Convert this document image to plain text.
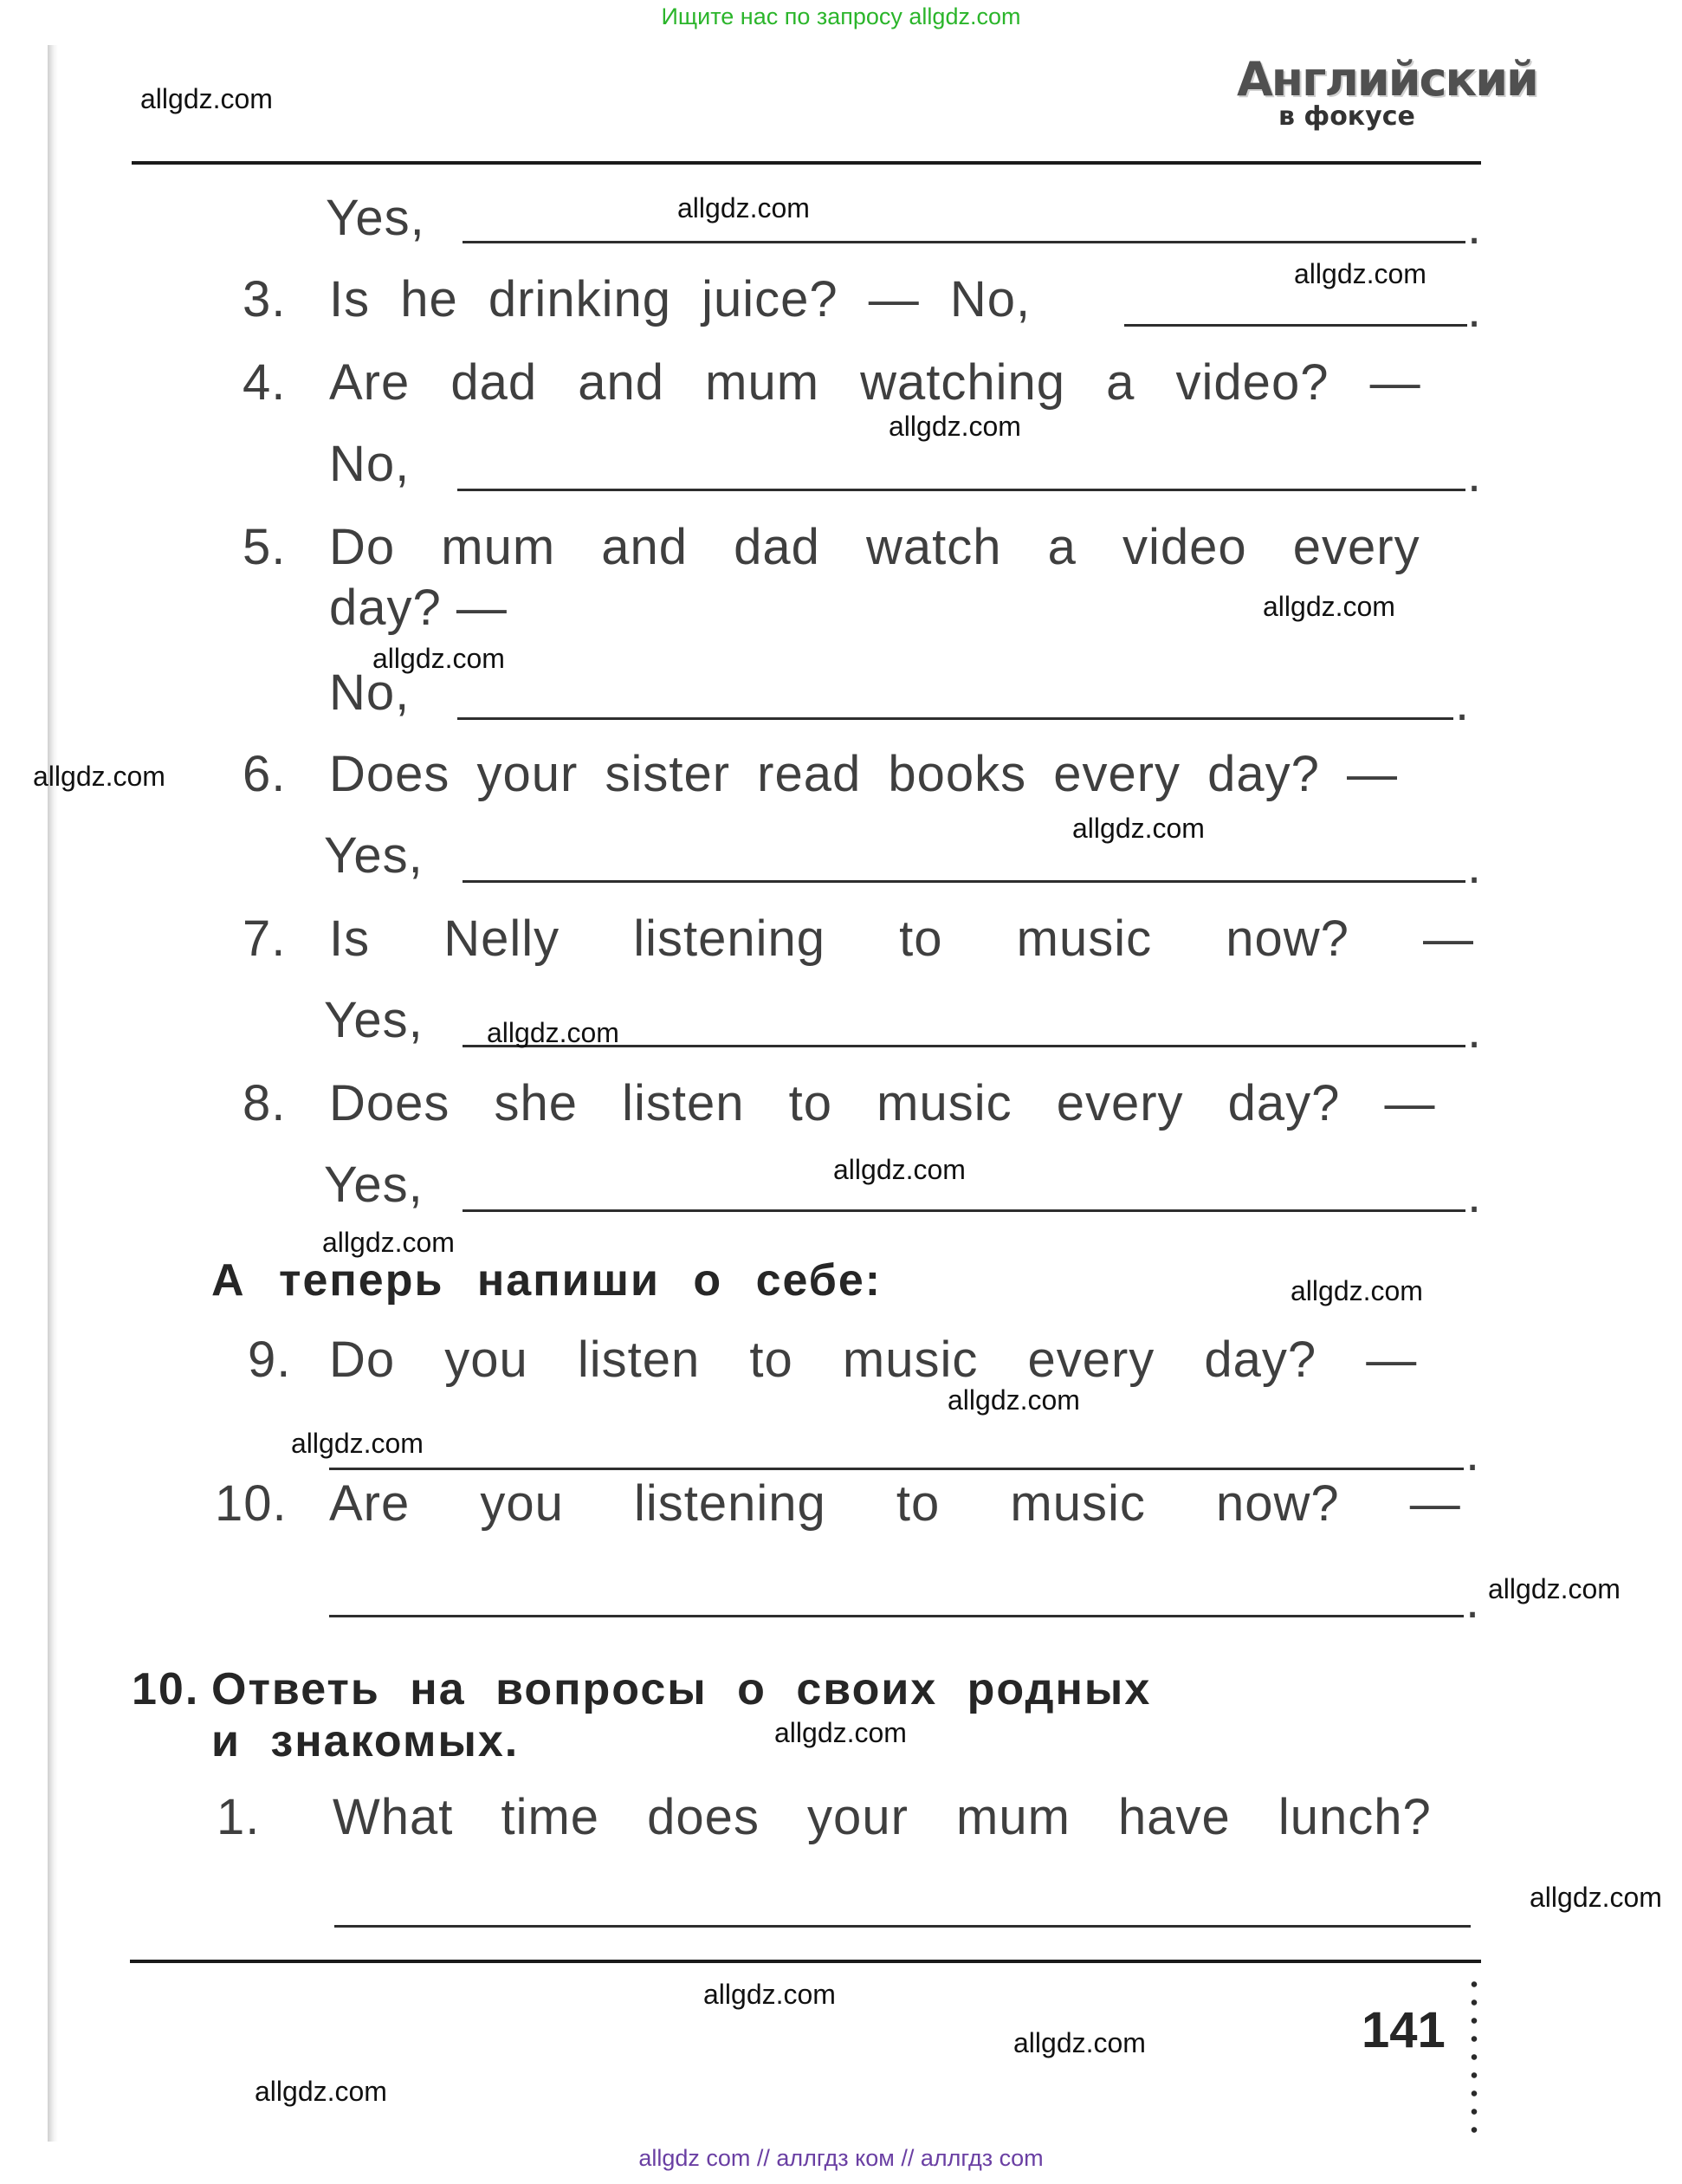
Ищите нас по запросу allgdz.com
allgdz.com	Английский
в фокусе
Yes,	.
3. Is he drinking juice? — No,	.
4. Are dad and mum watching a video? —
No,	.
5. Do mum and dad watch a video every
day? —
No,	.
6. Does your sister read books every day? —
Yes,	.
7. Is Nelly listening to music now? —
Yes,	.
8. Does she listen to music every day? —
Yes,	.
А теперь напиши о себе:
9. Do you listen to music every day? —
.
10. Are you listening to music now? —
.
10. Ответь на вопросы о своих родных
и знакомых.
1. What time does your mum have lunch?
141
allgdz.com
allgdz.com
allgdz.com
allgdz.com
allgdz.com
allgdz.com
allgdz.com
allgdz.com
allgdz.com
allgdz.com
allgdz.com
allgdz.com
allgdz.com
allgdz.com
allgdz.com
allgdz.com
allgdz.com
allgdz.com
allgdz.com
allgdz com // аллгдз ком // аллгдз com
